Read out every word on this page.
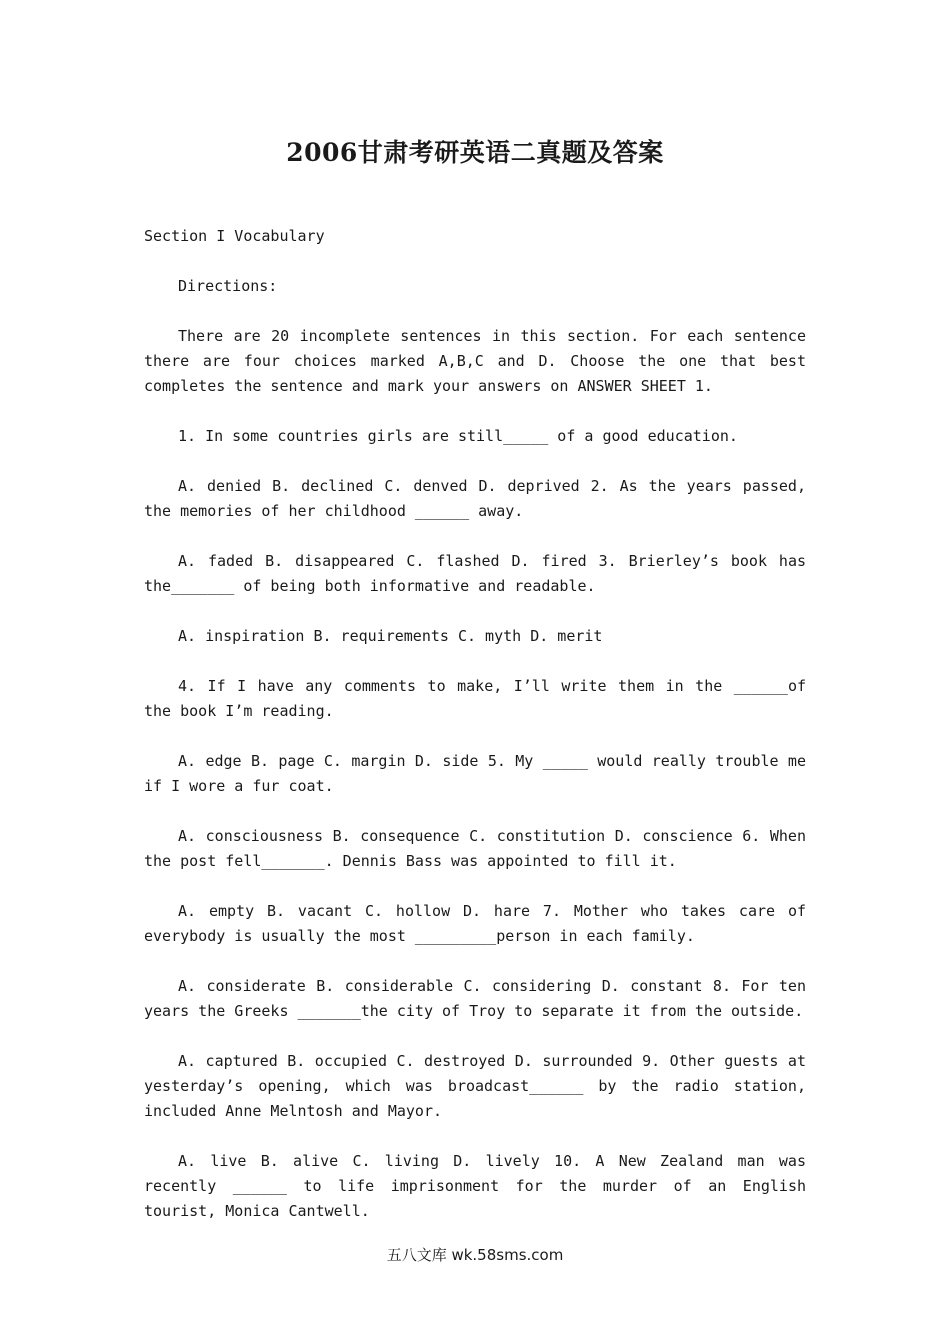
2006甘肃考研英语二真题及答案

Section I Vocabulary

Directions:

There are 20 incomplete sentences in this section. For each sentence there are four choices marked A,B,C and D. Choose the one that best completes the sentence and mark your answers on ANSWER SHEET 1.

1. In some countries girls are still_____ of a good education.

A. denied B. declined C. denved D. deprived 2. As the years passed, the memories of her childhood ______ away.

A. faded B. disappeared C. flashed D. fired 3. Brierley’s book has the_______ of being both informative and readable.

A. inspiration B. requirements C. myth D. merit

4. If I have any comments to make, I’ll write them in the ______of the book I’m reading.

A. edge B. page C. margin D. side 5. My _____ would really trouble me if I wore a fur coat.

A. consciousness B. consequence C. constitution D. conscience 6. When the post fell_______. Dennis Bass was appointed to fill it.

A. empty B. vacant C. hollow D. hare 7. Mother who takes care of everybody is usually the most _________person in each family.

A. considerate B. considerable C. considering D. constant 8. For ten years the Greeks _______the city of Troy to separate it from the outside.

A. captured B. occupied C. destroyed D. surrounded 9. Other guests at yesterday’s opening, which was broadcast______ by the radio station, included Anne Melntosh and Mayor.

A. live B. alive C. living D. lively 10. A New Zealand man was recently ______ to life imprisonment for the murder of an English tourist, Monica Cantwell.

五八文库 wk.58sms.com
